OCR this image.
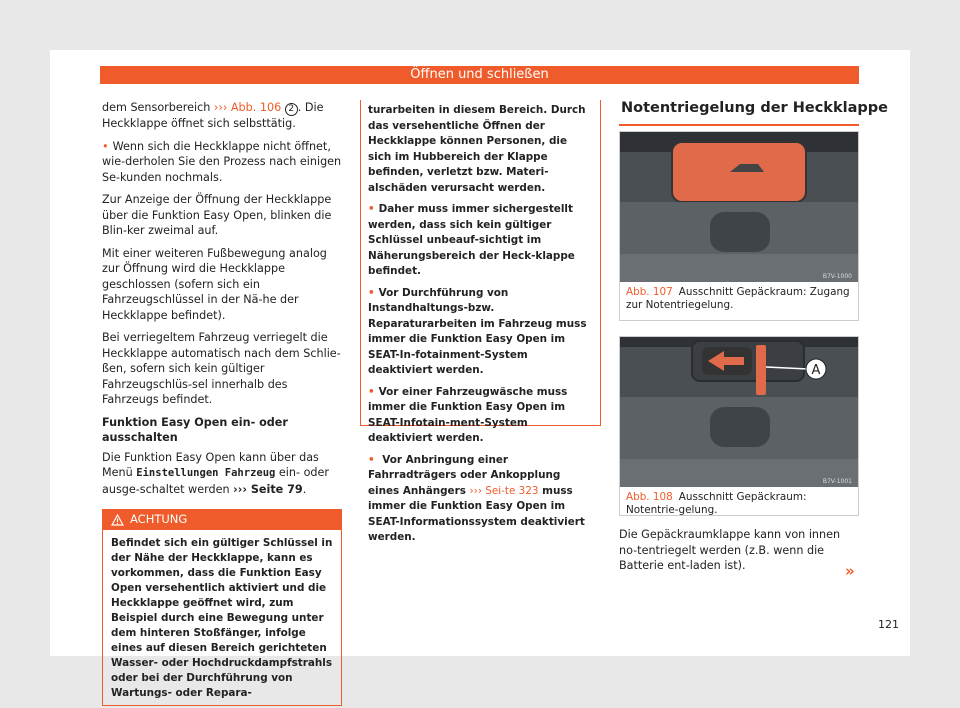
Öffnen und schließen

dem Sensorbereich ››› Abb. 106 2 . Die Heckklappe öffnet sich selbsttätig.

• Wenn sich die Heckklappe nicht öffnet, wie-derholen Sie den Prozess nach einigen Se-kunden nochmals.

Zur Anzeige der Öffnung der Heckklappe über die Funktion Easy Open, blinken die Blin-ker zweimal auf.

Mit einer weiteren Fußbewegung analog zur Öffnung wird die Heckklappe geschlossen (sofern sich ein Fahrzeugschlüssel in der Nä-he der Heckklappe befindet).

Bei verriegeltem Fahrzeug verriegelt die Heckklappe automatisch nach dem Schlie-ßen, sofern sich kein gültiger Fahrzeugschlüs-sel innerhalb des Fahrzeugs befindet.

Funktion Easy Open ein- oder ausschalten

Die Funktion Easy Open kann über das Menü Einstellungen Fahrzeug ein- oder ausge-schaltet werden ››› Seite 79.

ACHTUNG
Befindet sich ein gültiger Schlüssel in der Nähe der Heckklappe, kann es vorkommen, dass die Funktion Easy Open versehentlich aktiviert und die Heckklappe geöffnet wird, zum Beispiel durch eine Bewegung unter dem hinteren Stoßfänger, infolge eines auf diesen Bereich gerichteten Wasser- oder Hochdruckdampfstrahls oder bei der Durchführung von Wartungs- oder Repara-

turarbeiten in diesem Bereich. Durch das versehentliche Öffnen der Heckklappe können Personen, die sich im Hubbereich der Klappe befinden, verletzt bzw. Materi-alschäden verursacht werden.

• Daher muss immer sichergestellt werden, dass sich kein gültiger Schlüssel unbeauf-sichtigt im Näherungsbereich der Heck-klappe befindet.

• Vor Durchführung von Instandhaltungs-bzw. Reparaturarbeiten im Fahrzeug muss immer die Funktion Easy Open im SEAT-In-fotainment-System deaktiviert werden.

• Vor einer Fahrzeugwäsche muss immer die Funktion Easy Open im SEAT-Infotain-ment-System deaktiviert werden.

• Vor Anbringung einer Fahrradträgers oder Ankopplung eines Anhängers ››› Sei-te 323 muss immer die Funktion Easy Open im SEAT-Informationssystem deaktiviert werden.

Notentriegelung der Heckklappe
B7V-1000
Abb. 107 Ausschnitt Gepäckraum: Zugang zur Notentriegelung.
A
B7V-1001
Abb. 108 Ausschnitt Gepäckraum: Notentrie-gelung.
Die Gepäckraumklappe kann von innen no-tentriegelt werden (z.B. wenn die Batterie ent-laden ist).	»
121
